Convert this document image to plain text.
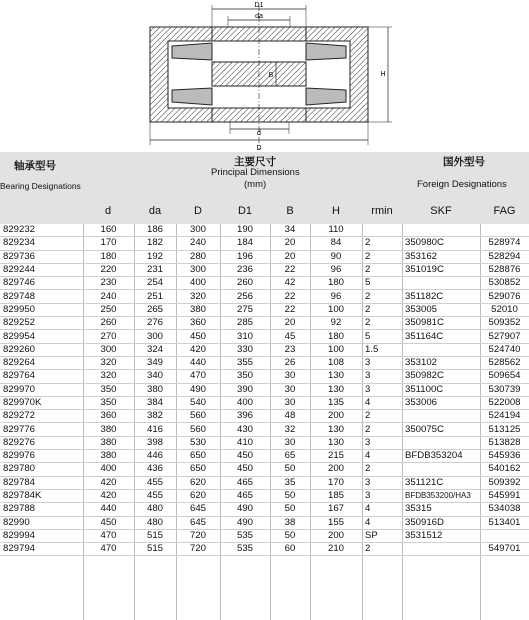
D1
da
B	H
d
D
轴承型号
Bearing Designations
主要尺寸
Principal Dimensions
(mm)
国外型号
Foreign Designations
d	da	D	D1	B	H	rmin	SKF	FAG
829232	160	186	300	190	34	110			
829234	170	182	240	184	20	84	2	350980C	528974
829736	180	192	280	196	20	90	2	353162	528294
829244	220	231	300	236	22	96	2	351019C	528876
829746	230	254	400	260	42	180	5		530852
829748	240	251	320	256	22	96	2	351182C	529076
829950	250	265	380	275	22	100	2	353005	52010
829252	260	276	360	285	20	92	2	350981C	509352
829954	270	300	450	310	45	180	5	351164C	527907
829260	300	324	420	330	23	100	1.5		524740
829264	320	349	440	355	26	108	3	353102	528562
829764	320	340	470	350	30	130	3	350982C	509654
829970	350	380	490	390	30	130	3	351100C	530739
829970K	350	384	540	400	30	135	4	353006	522008
829272	360	382	560	396	48	200	2		524194
829776	380	416	560	430	32	130	2	350075C	513125
829276	380	398	530	410	30	130	3		513828
829976	380	446	650	450	65	215	4	BFDB353204	545936
829780	400	436	650	450	50	200	2		540162
829784	420	455	620	465	35	170	3	351121C	509392
829784K	420	455	620	465	50	185	3	BFDB353200/HA3	545991
829788	440	480	645	490	50	167	4	35315	534038
82990	450	480	645	490	38	155	4	350916D	513401
829994	470	515	720	535	50	200	SP	3531512	
829794	470	515	720	535	60	210	2		549701
